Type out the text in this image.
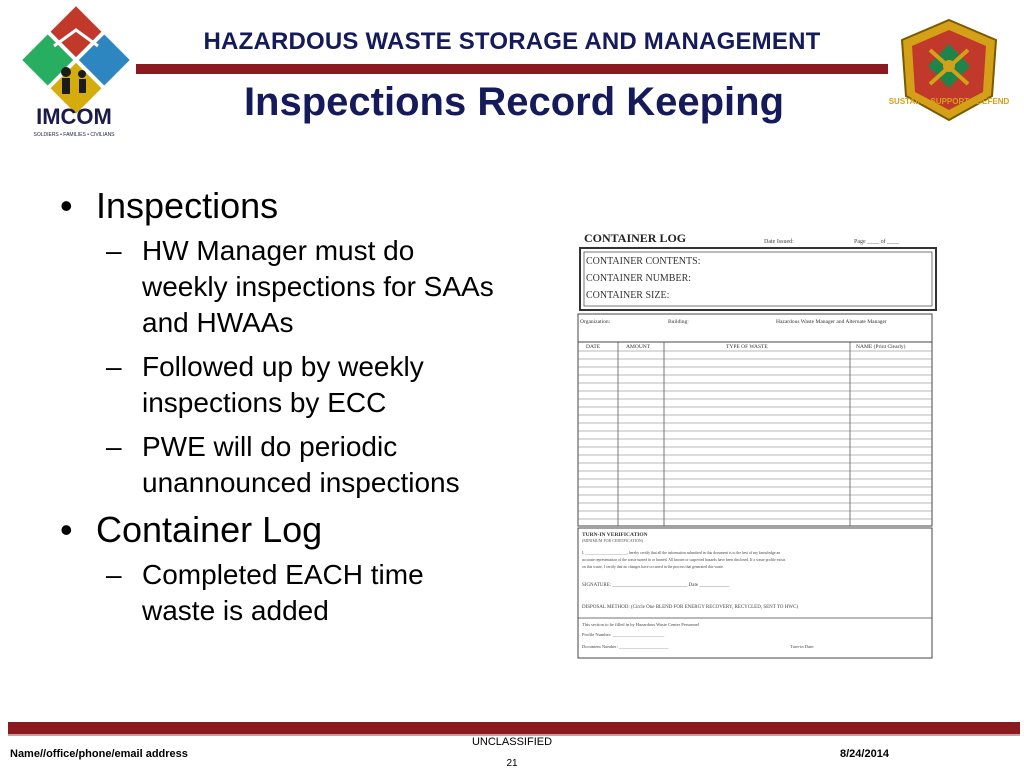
HAZARDOUS WASTE STORAGE AND MANAGEMENT
Inspections Record Keeping
IMCOM
SOLDIERS • FAMILIES • CIVILIANS
SUSTAIN • SUPPORT • DEFEND
• Inspections
– HW Manager must do weekly inspections for SAAs and HWAAs
– Followed up by weekly inspections by ECC
– PWE will do periodic unannounced inspections
• Container Log
– Completed EACH time waste is added
CONTAINER LOG	Date Issued:	Page ____ of ____
CONTAINER CONTENTS:
CONTAINER NUMBER:
CONTAINER SIZE:
Organization:	Building:	Hazardous Waste Manager and Alternate Manager
DATE	AMOUNT	TYPE OF WASTE	NAME (Print Clearly)
TURN-IN VERIFICATION
(MINIMUM FOR CERTIFICATION)
I, ______________________, hereby certify that all the information submitted in this document is to the best of my knowledge an
accurate representation of the waste turned in or burned. All known or suspected hazards have been disclosed. If a waste profile exists
on this waste, I certify that no changes have occurred in the process that generated this waste.
SIGNATURE: ______________________________ Date ____________
DISPOSAL METHOD: (Circle One BLEND FOR ENERGY RECOVERY, RECYCLED, SENT TO HWC)
This section to be filled in by Hazardous Waste Center Personnel
Profile Number: _______________________
Document Number: ______________________	Turn-in Date:
UNCLASSIFIED
Name//office/phone/email address
21
8/24/2014
